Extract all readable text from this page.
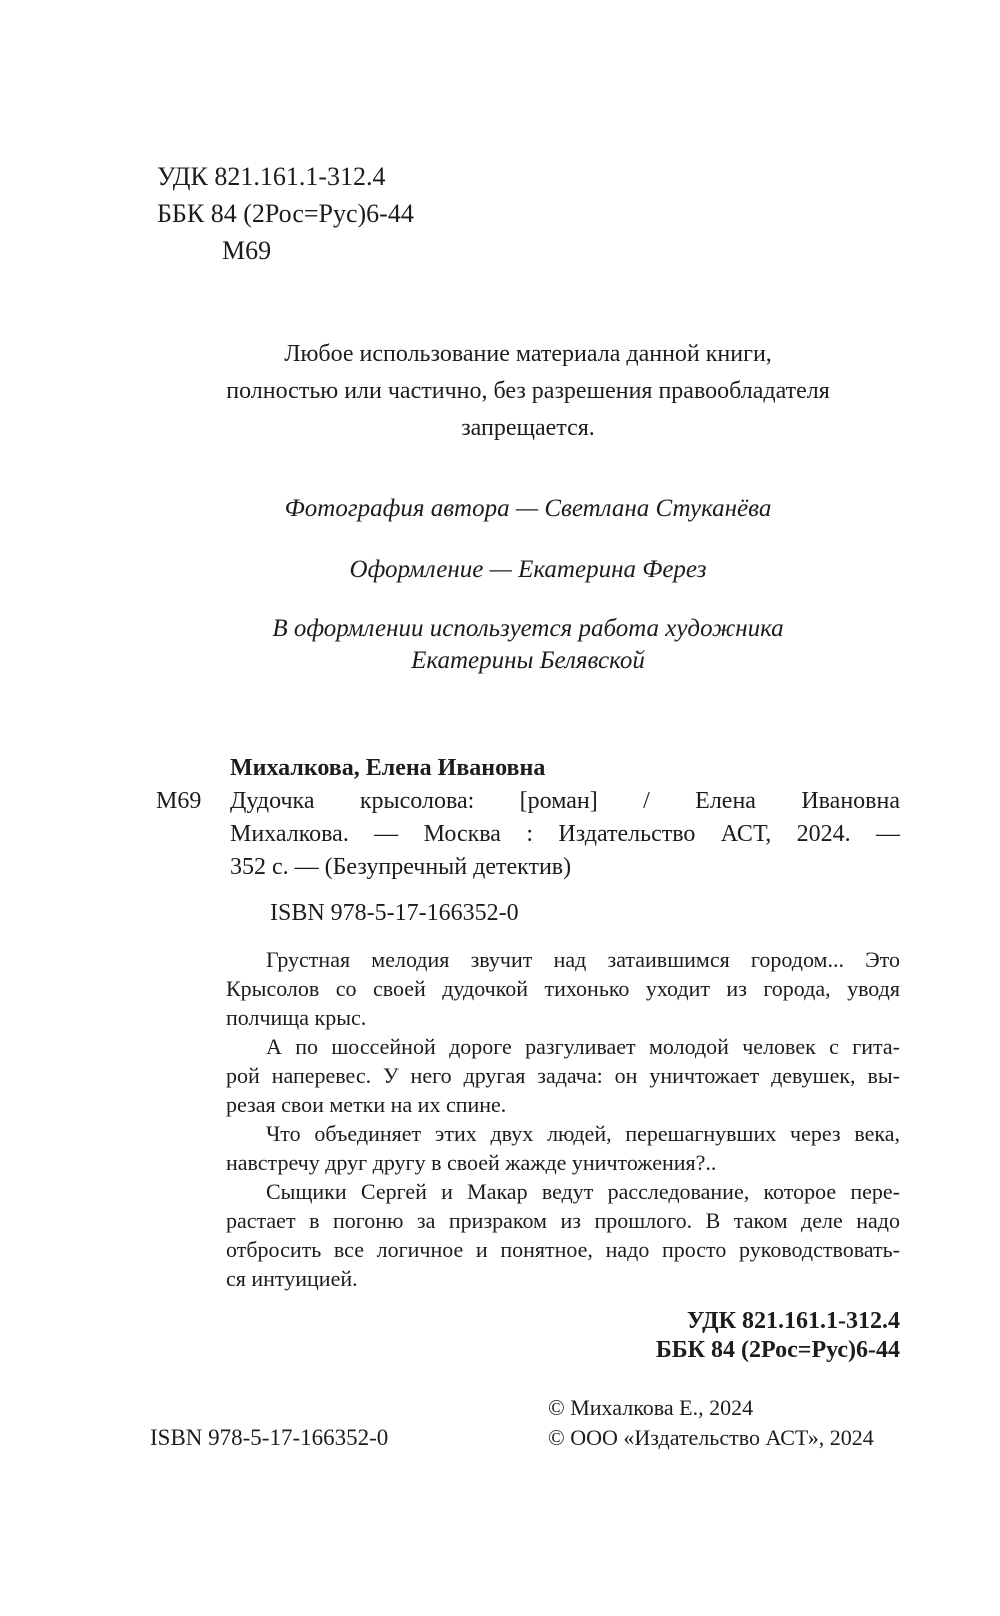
УДК 821.161.1-312.4
ББК 84 (2Рос=Рус)6-44
М69
Любое использование материала данной книги,
полностью или частично, без разрешения правообладателя
запрещается.
Фотография автора — Светлана Стуканёва
Оформление — Екатерина Ферез
В оформлении используется работа художника
Екатерины Белявской
Михалкова, Елена Ивановна
М69 Дудочка крысолова: [роман] / Елена Ивановна
Михалкова. — Москва : Издательство АСТ, 2024. —
352 с. — (Безупречный детектив)
ISBN 978-5-17-166352-0
Грустная мелодия звучит над затаившимся городом... Это
Крысолов со своей дудочкой тихонько уходит из города, уводя
полчища крыс.
А по шоссейной дороге разгуливает молодой человек с гита-
рой наперевес. У него другая задача: он уничтожает девушек, вы-
резая свои метки на их спине.
Что объединяет этих двух людей, перешагнувших через века,
навстречу друг другу в своей жажде уничтожения?..
Сыщики Сергей и Макар ведут расследование, которое пере-
растает в погоню за призраком из прошлого. В таком деле надо
отбросить все логичное и понятное, надо просто руководствовать-
ся интуицией.
УДК 821.161.1-312.4
ББК 84 (2Рос=Рус)6-44
© Михалкова Е., 2024
ISBN 978-5-17-166352-0	© ООО «Издательство АСТ», 2024
